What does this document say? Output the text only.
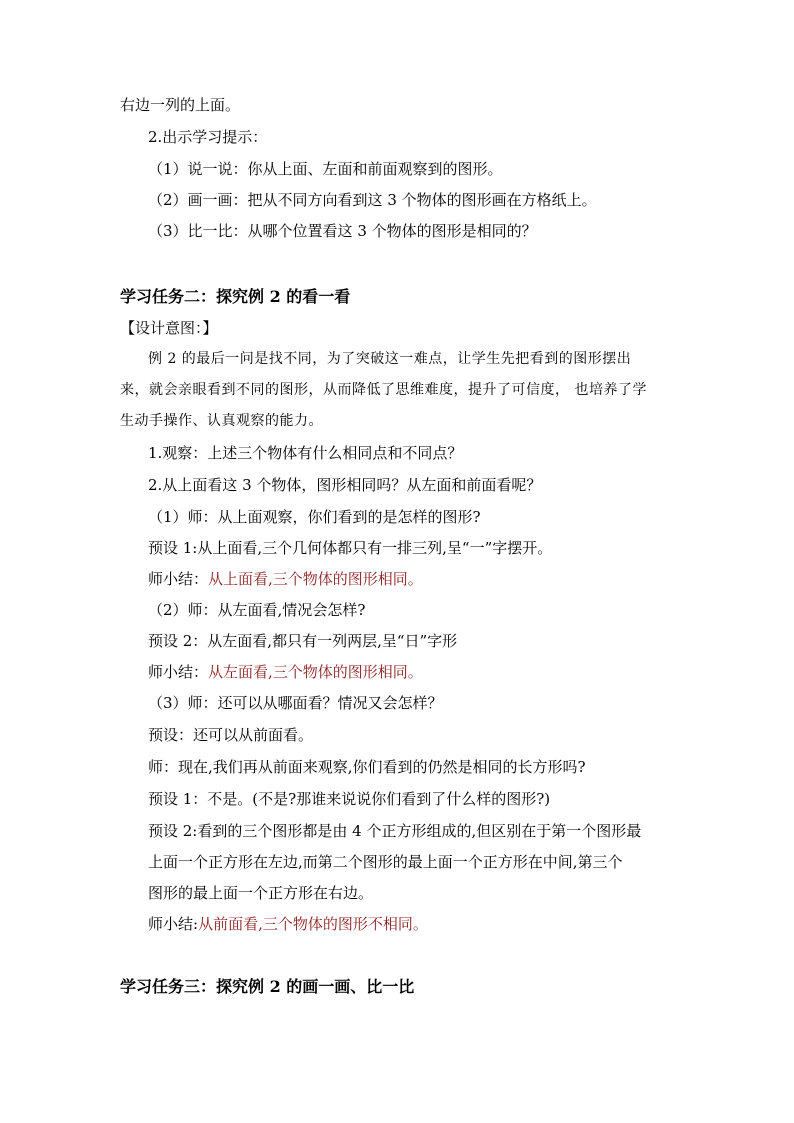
右边一列的上面。
2.出示学习提示：
（1）说一说：你从上面、左面和前面观察到的图形。
（2）画一画：把从不同方向看到这 3 个物体的图形画在方格纸上。
（3）比一比：从哪个位置看这 3 个物体的图形是相同的？
学习任务二：探究例 2 的看一看
【设计意图：】
例 2 的最后一问是找不同，为了突破这一难点，让学生先把看到的图形摆出
来，就会亲眼看到不同的图形，从而降低了思维难度，提升了可信度， 也培养了学
生动手操作、认真观察的能力。
1.观察：上述三个物体有什么相同点和不同点？
2.从上面看这 3 个物体，图形相同吗？从左面和前面看呢？
（1）师：从上面观察，你们看到的是怎样的图形?
预设 1:从上面看,三个几何体都只有一排三列,呈“一”字摆开。
师小结：从上面看,三个物体的图形相同。
（2）师：从左面看,情况会怎样?
预设 2：从左面看,都只有一列两层,呈“日”字形
师小结：从左面看,三个物体的图形相同。
（3）师：还可以从哪面看？情况又会怎样？
预设：还可以从前面看。
师：现在,我们再从前面来观察,你们看到的仍然是相同的长方形吗?
预设 1：不是。(不是?那谁来说说你们看到了什么样的图形?)
预设 2:看到的三个图形都是由 4 个正方形组成的,但区别在于第一个图形最
上面一个正方形在左边,而第二个图形的最上面一个正方形在中间,第三个
图形的最上面一个正方形在右边。
师小结:从前面看,三个物体的图形不相同。
学习任务三：探究例 2 的画一画、比一比
